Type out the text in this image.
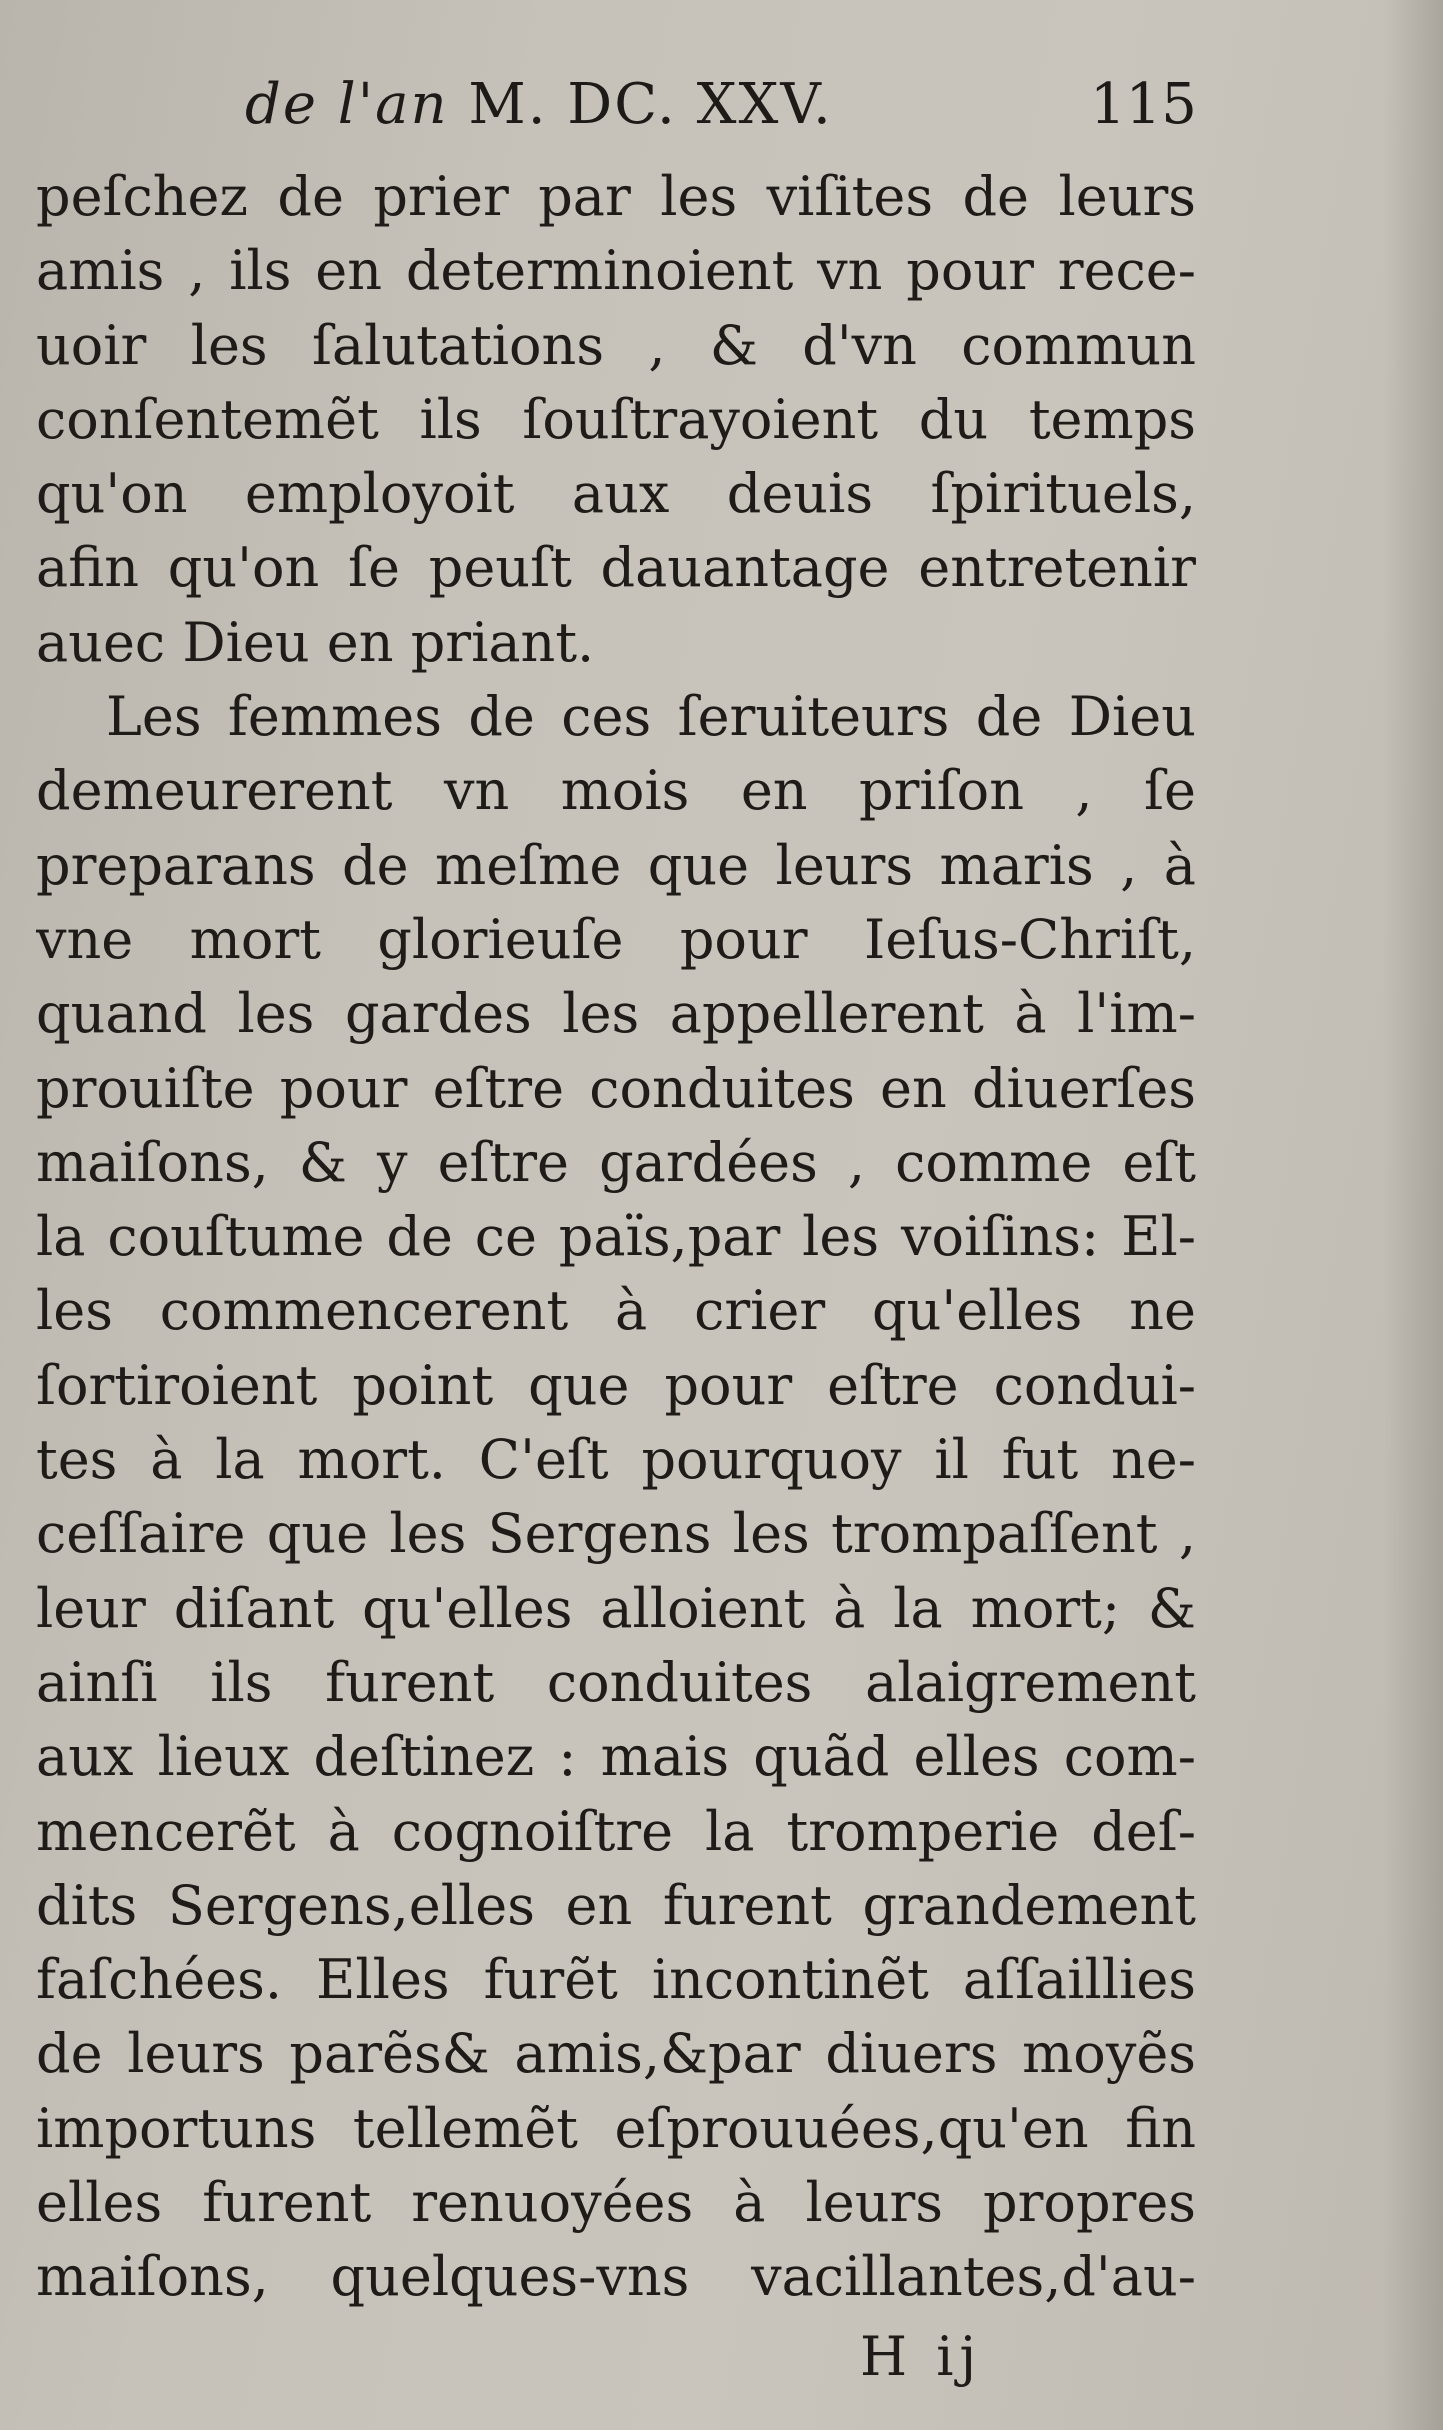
de l'an M. DC. XXV.	115
peſchez de prier par les viſites de leurs
amis , ils en determinoient vn pour rece-
uoir les ſalutations , & d'vn commun
conſentemẽt ils ſouſtrayoient du temps
qu'on employoit aux deuis ſpirituels,
afin qu'on ſe peuſt dauantage entretenir
auec Dieu en priant.
Les femmes de ces ſeruiteurs de Dieu
demeurerent vn mois en priſon , ſe
preparans de meſme que leurs maris , à
vne mort glorieuſe pour Ieſus-Chriſt,
quand les gardes les appellerent à l'im-
prouiſte pour eſtre conduites en diuerſes
maiſons, & y eſtre gardées , comme eſt
la couſtume de ce païs,par les voiſins: El-
les commencerent à crier qu'elles ne
ſortiroient point que pour eſtre condui-
tes à la mort. C'eſt pourquoy il fut ne-
ceſſaire que les Sergens les trompaſſent ,
leur diſant qu'elles alloient à la mort; &
ainſi ils furent conduites alaigrement
aux lieux deſtinez : mais quãd elles com-
mencerẽt à cognoiſtre la tromperie deſ-
dits Sergens,elles en furent grandement
faſchées. Elles furẽt incontinẽt aſſaillies
de leurs parẽs& amis,&par diuers moyẽs
importuns tellemẽt eſprouuées,qu'en fin
elles furent renuoyées à leurs propres
maiſons, quelques-vns vacillantes,d'au-
H ij
